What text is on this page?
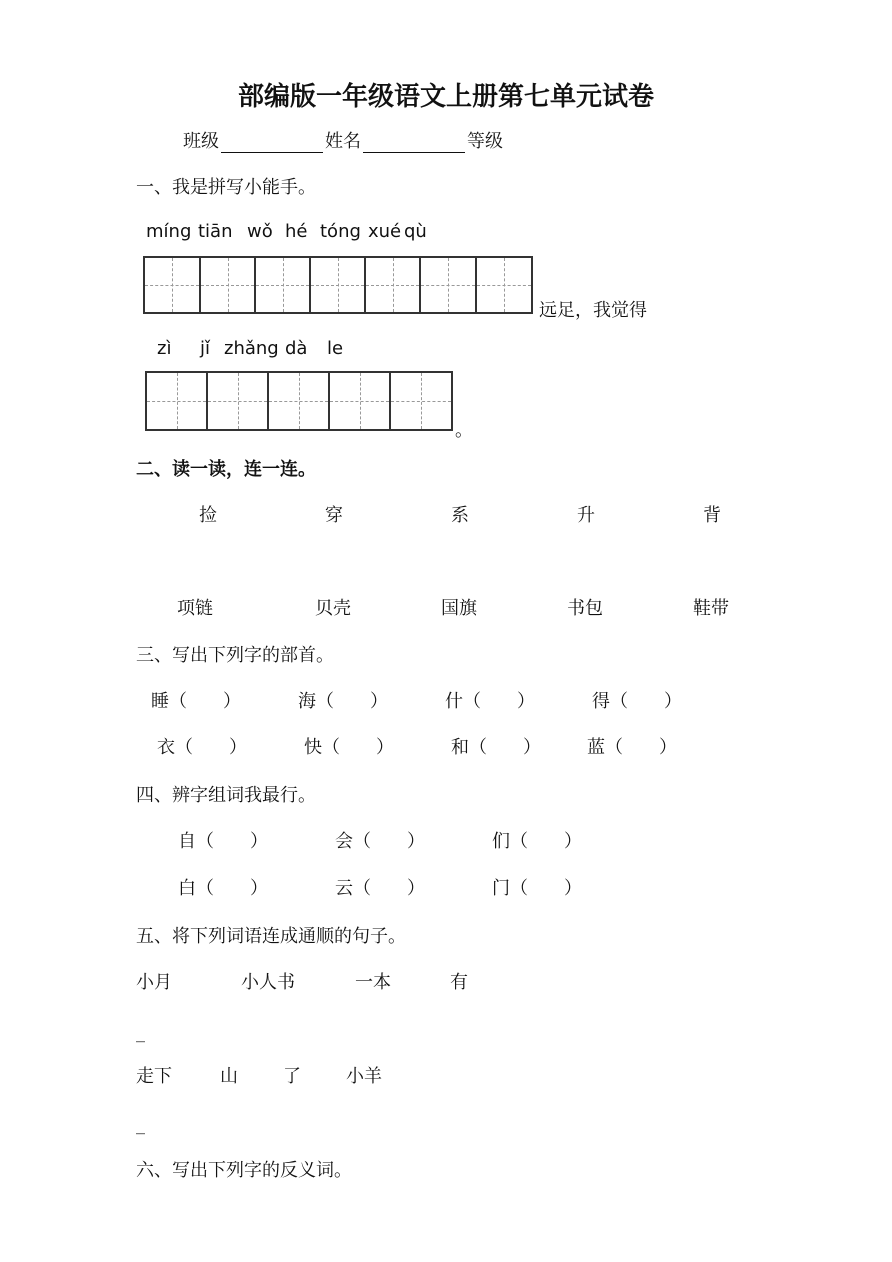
部编版一年级语文上册第七单元试卷
班级	姓名	等级
一、我是拼写小能手。
míng tiān wǒ hé tóng xué qù
远足，我觉得
zì jǐ zhǎng dà le
。
二、读一读，连一连。
捡	穿	系	升	背
项链	贝壳	国旗	书包	鞋带
三、写出下列字的部首。
睡（　　）	海（　　）	什（　　）	得（　　）
衣（　　）	快（　　）	和（　　）	蓝（　　）
四、辨字组词我最行。
自（　　）	会（　　）	们（　　）
白（　　）	云（　　）	门（　　）
五、将下列词语连成通顺的句子。
小月	小人书	一本	有
_
走下	山	了	小羊
_
六、写出下列字的反义词。
